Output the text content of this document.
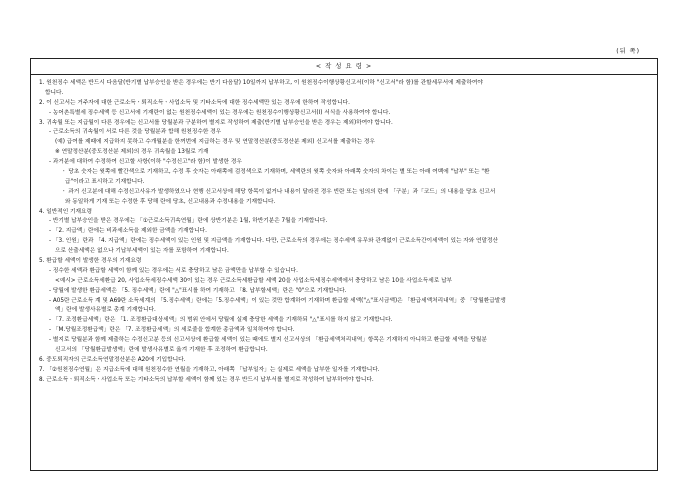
(뒤 쪽)
< 작 성 요 령 >
1. 원천징수 세액은 반드시 다음달(반기별 납부승인을 받은 경우에는 반기 다음달) 10일까지 납부하고, 이 원천징수이행상황신고서(이하 "신고서"라 함)를 관할세무서에 제출하여야
합니다.
2. 이 신고서는 거주자에 대한 근로소득ㆍ퇴직소득ㆍ사업소득 및 기타소득에 대한 징수세액만 있는 경우에 한하여 작성합니다.
- 농어촌특별세 징수세액 등 신고서에 기재란이 없는 원천징수세액이 있는 경우에는 원천징수이행상황신고서(Ⅰ) 서식을 사용하여야 합니다.
3. 귀속월 또는 지급월이 다른 경우에는 신고서를 당월분과 구분하여 별지로 작성하여 제출(반기별 납부승인을 받은 경우는 제외)하여야 합니다.
- 근로소득의 귀속월이 서로 다른 것을 당월분과 합해 원천징수한 경우
(예) 급여를 제때에 지급하지 못하고 수개월분을 한꺼번에 지급하는 경우 및 연말정산분(중도정산분 제외) 신고서를 제출하는 경우
※ 연말정산분(중도정산분 제외)의 경우 귀속월을 13월로 기재
- 과거분에 대하여 수정하여 신고할 사항(이하 "수정신고"라 함)이 발생한 경우
ㆍ 당초 숫자는 윗쪽에 빨간색으로 기재하고, 수정 후 숫자는 아래쪽에 검정색으로 기재하며, 세액란의 윗쪽 숫자와 아래쪽 숫자의 차이는 별 또는 아래 여백에 "납부" 또는 "환
급"이라고 표시하고 기재합니다.
ㆍ 과거 신고분에 대해 수정신고사유가 발생하였으나 현행 신고서상에 해당 항목이 없거나 내용이 달라진 경우 빈란 또는 임의의 란에 「구분」과「코드」의 내용을 당초 신고서
와 동일하게 기재 또는 수정한 후 당해 란에 당초, 신고내용과 수정내용을 기재합니다.
4. 일반적인 기재요령
- 반기별 납부승인을 받은 경우에는 「①근로소득귀속연월」란에 상반기분은 1월, 하반기분은 7월을 기재합니다.
- 「2. 지급액」란에는 비과세소득을 제외한 금액을 기재합니다.
- 「3. 인원」란과 「4. 지급액」란에는 징수세액이 있는 인원 및 지급액을 기재합니다. 다만, 근로소득의 경우에는 징수세액 유무와 관계없이 근로소득간이세액이 있는 자와 연말정산
으로 산출세액은 없으나 기납부세액이 있는 자를 포함하여 기재합니다.
5. 환급할 세액이 발생한 경우의 기재요령
- 징수한 세액과 환급할 세액이 함께 있는 경우에는 서로 충당하고 남은 금액만을 납부할 수 있습니다.
<예시> 근로소득세환급 20, 사업소득세징수세액 30이 있는 경우 근로소득세환급할 세액 20을 사업소득세징수세액에서 충당하고 남은 10을 사업소득세로 납부
- 당월에 발생한 환급세액은 「5. 징수세액」란에 "△"표시를 하여 기재하고 「8. 납부할세액」란은 "0"으로 기재합니다.
- A05란 근로소득 계 및 A69란 소득세계의 「5.징수세액」란에는「5.징수세액」이 있는 것만 합계하여 기재하며 환급할 세액("△"표시금액)은 「환급세액처리내역」중 「당월환급발생
액」란에 발생사유별로 총계 기재합니다.
- 「7. 조정환급세액」란은 「1. 조정환급대상세액」의 범위 안에서 당월에 실제 충당한 세액을 기재하되 "△"표시를 하지 않고 기재합니다.
- 「M.당월조정환급액」란은 「7. 조정환급세액」의 세로줄을 합계한 총금액과 일치하여야 합니다.
- 별지로 당월분과 함께 제출하는 수정신고분 등의 신고서상에 환급할 세액이 있는 때에도 별지 신고서상의 「환급세액처리내역」항목은 기재하지 아니하고 환급할 세액을 당월분
신고서의 「당월환급발생액」란에 발생사유별로 옮겨 기재한 후 조정하여 환급합니다.
6. 중도퇴직자의 근로소득연말정산분은 A20에 기입합니다.
7. 「②원천징수연월」은 지급소득에 대해 원천징수한 연월을 기재하고, 아래쪽 「납부일자」는 실제로 세액을 납부한 일자를 기재합니다.
8. 근로소득ㆍ퇴직소득ㆍ사업소득 또는 기타소득의 납부할 세액이 함께 있는 경우 반드시 납부서를 별지로 작성하여 납부하여야 합니다.
